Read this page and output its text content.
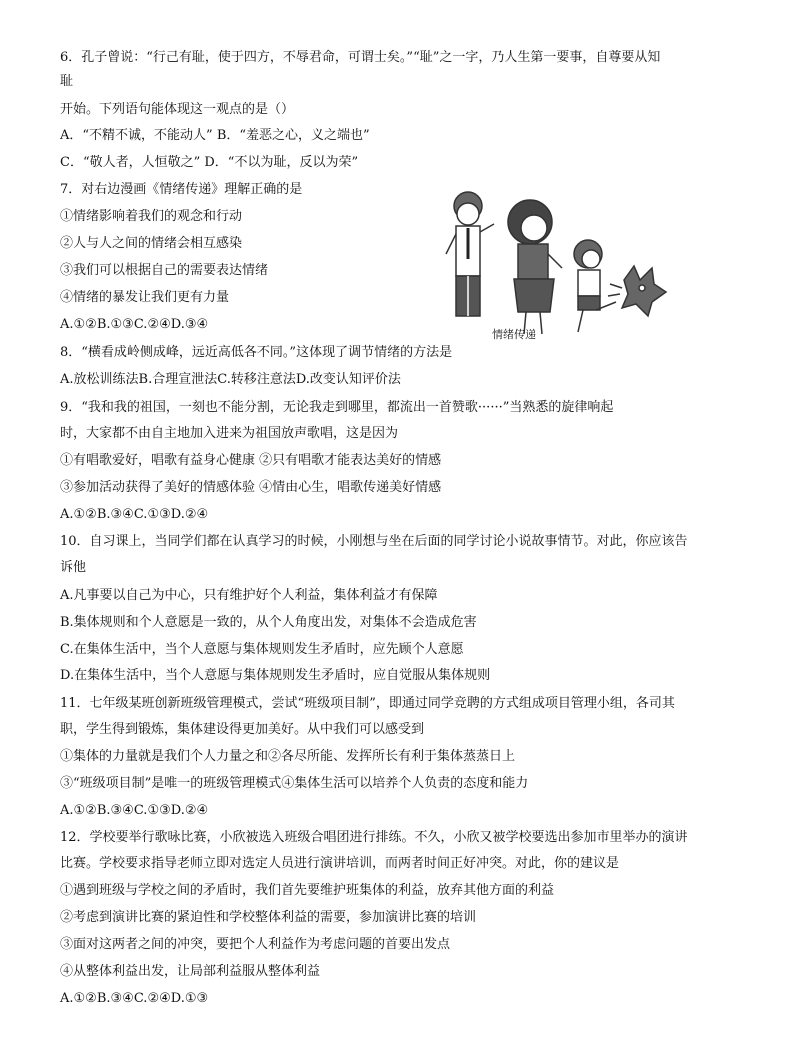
6．孔子曾说：“行己有耻，使于四方，不辱君命，可谓士矣。”“耻”之一字，乃人生第一要事，自尊要从知
耻
开始。下列语句能体现这一观点的是（）
A．“不精不诚，不能动人” B．“羞恶之心，义之端也”
C．“敬人者，人恒敬之” D．“不以为耻，反以为荣”
7．对右边漫画《情绪传递》理解正确的是
①情绪影响着我们的观念和行动
②人与人之间的情绪会相互感染
③我们可以根据自己的需要表达情绪
④情绪的暴发让我们更有力量
A.①②B.①③C.②④D.③④
情绪传递
8．“横看成岭侧成峰，远近高低各不同。”这体现了调节情绪的方法是
A.放松训练法B.合理宣泄法C.转移注意法D.改变认知评价法
9．“我和我的祖国，一刻也不能分割，无论我走到哪里，都流出一首赞歌······”当熟悉的旋律响起
时，大家都不由自主地加入进来为祖国放声歌唱，这是因为
①有唱歌爱好，唱歌有益身心健康 ②只有唱歌才能表达美好的情感
③参加活动获得了美好的情感体验 ④情由心生，唱歌传递美好情感
A.①②B.③④C.①③D.②④
10．自习课上，当同学们都在认真学习的时候，小刚想与坐在后面的同学讨论小说故事情节。对此，你应该告
诉他
A.凡事要以自己为中心，只有维护好个人利益，集体利益才有保障
B.集体规则和个人意愿是一致的，从个人角度出发，对集体不会造成危害
C.在集体生活中，当个人意愿与集体规则发生矛盾时，应先顾个人意愿
D.在集体生活中，当个人意愿与集体规则发生矛盾时，应自觉服从集体规则
11．七年级某班创新班级管理模式，尝试“班级项目制”，即通过同学竞聘的方式组成项目管理小组，各司其
职，学生得到锻炼，集体建设得更加美好。从中我们可以感受到
①集体的力量就是我们个人力量之和②各尽所能、发挥所长有利于集体蒸蒸日上
③“班级项目制”是唯一的班级管理模式④集体生活可以培养个人负责的态度和能力
A.①②B.③④C.①③D.②④
12．学校要举行歌咏比赛，小欣被选入班级合唱团进行排练。不久，小欣又被学校要选出参加市里举办的演讲
比赛。学校要求指导老师立即对选定人员进行演讲培训，而两者时间正好冲突。对此，你的建议是
①遇到班级与学校之间的矛盾时，我们首先要维护班集体的利益，放弃其他方面的利益
②考虑到演讲比赛的紧迫性和学校整体利益的需要，参加演讲比赛的培训
③面对这两者之间的冲突，要把个人利益作为考虑问题的首要出发点
④从整体利益出发，让局部利益服从整体利益
A.①②B.③④C.②④D.①③
